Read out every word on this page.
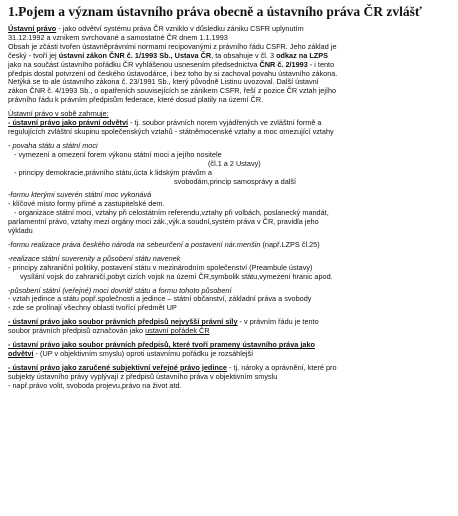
1.Pojem a význam ústavního práva obecně a ústavního práva ČR zvlášť

Ústavní právo - jako odvětví systému práva ČR vzniklo v důsledku zániku CSFR uplynutím

31.12.1992 a vznikem svrchované a samostatné ČR dnem 1.1.1993

Obsah je zčásti tvořen ústavněprávními normami recipovanými z právního řádu CSFR. Jeho základ je

český - tvoří jej ústavní zákon ČNR č. 1/1993 Sb., Ustava ČR, ta obsahuje v čl. 3 odkaz na LZPS

jako na součást ústavního pořádku ČR vyhlášenou usnesením předsednictva ČNR č. 2/1993 - i tento

předpis dostal potvrzení od českého ústavodárce, i bez toho by si zachoval povahu ústavního zákona.

Netýká se to ale ústavního zákona č. 23/1991 Sb., který původně Listinu uvozoval. Další ústavní

zákon ČNR č. 4/1993 Sb., o opatřeních souvisejících se zánikem CSFR, řeší z pozice ČR vztah jejího

právního řádu k právním předpisům federace, které dosud platily na území ČR.

Ústavní právo v sobě zahrnuje:

- ústavní právo jako právní odvětví - tj. soubor právních norem vyjádřených ve zvláštní formě a

regulujících zvláštní skupinu společenských vztahů - státněmocenské vztahy a moc omezující vztahy

- povaha státu a státní moci

- vymezení a omezení forem výkonu státní moci a jejího nositele

(čl.1 a 2 Ustavy)

- principy demokracie,právního státu,úcta k lidským právům a

svobodám,princip samosprávy a další

-formu kterými suverén státní moc vykonává

- klíčové místo formy přímé a zastupitelské dem.

- organizace státní moci, vztahy při celostátním referendu,vztahy při volbách, poslanecký mandát,

parlamentní právo, vztahy mezi orgány moci zák.,výk.a soudní,systém práva v ČR, pravidla jeho

výkladu

-formu realizace práva českého národa na sebeurčení a postavení nár.menšin (např.LZPS čl.25)

-realizace státní suverenity a působení státu navenek

- principy zahraniční politiky, postavení státu v mezinárodním společenství (Preambule ústavy)

vysílání vojsk do zahraničí,pobyt cizích vojsk na území ČR,symbolik státu,vymezení hranic apod.

-působení státní (veřejné) moci dovnitř státu a formu tohoto působení

- vztah jedince a státu popř.společnosti a jedince – státní občanství, základní práva a svobody

- zde se prolínají všechny oblasti tvořící předmět UP

- ústavní právo jako soubor právních předpisů nejvyšší právní síly - v právním řádu je tento

soubor právních předpisů označován jako ustavní pořádek ČR

- ústavní právo jako soubor právních předpisů, které tvoří prameny ústavního práva jako

odvětví - (UP v objektivním smyslu) oproti ustavnímu pořádku je rozsáhlejší

- ústavní právo jako zaručené subjektivní veřejné právo jedince - tj. nároky a oprávnění, které pro

subjekty ústavního právy vyplývají z předpisů ústavního práva v objektivním smyslu

- např.právo volit, svoboda projevu,právo na život atd.
